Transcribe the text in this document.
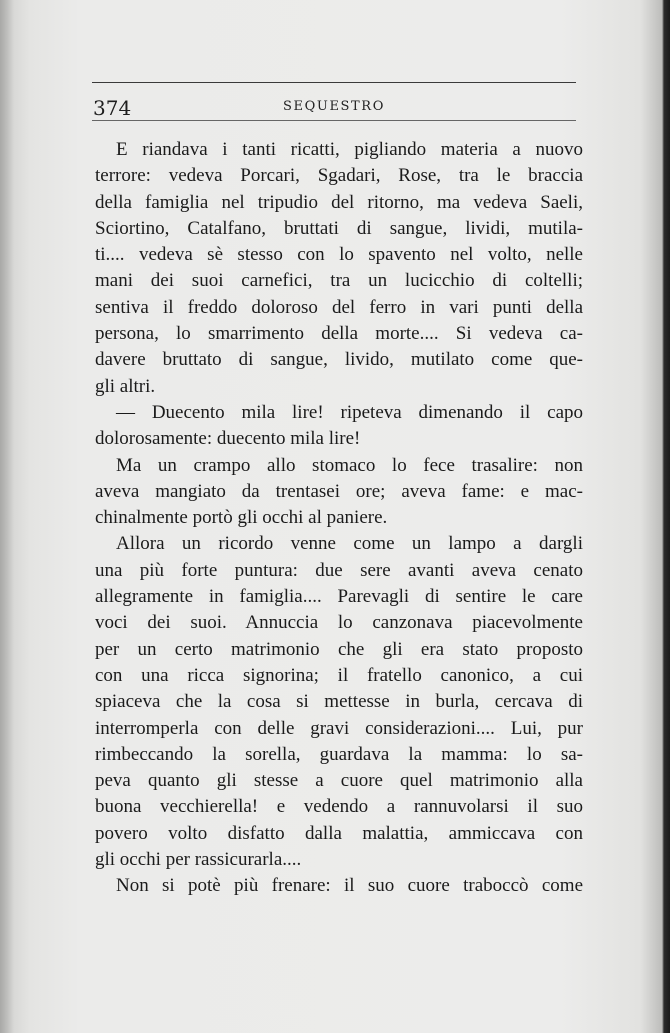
374	SEQUESTRO
E riandava i tanti ricatti, pigliando materia a nuovo
terrore: vedeva Porcari, Sgadari, Rose, tra le braccia
della famiglia nel tripudio del ritorno, ma vedeva Saeli,
Sciortino, Catalfano, bruttati di sangue, lividi, mutila-
ti.... vedeva sè stesso con lo spavento nel volto, nelle
mani dei suoi carnefici, tra un lucicchio di coltelli;
sentiva il freddo doloroso del ferro in vari punti della
persona, lo smarrimento della morte.... Si vedeva ca-
davere bruttato di sangue, livido, mutilato come que-
gli altri.
— Duecento mila lire! ripeteva dimenando il capo
dolorosamente: duecento mila lire!
Ma un crampo allo stomaco lo fece trasalire: non
aveva mangiato da trentasei ore; aveva fame: e mac-
chinalmente portò gli occhi al paniere.
Allora un ricordo venne come un lampo a dargli
una più forte puntura: due sere avanti aveva cenato
allegramente in famiglia.... Parevagli di sentire le care
voci dei suoi. Annuccia lo canzonava piacevolmente
per un certo matrimonio che gli era stato proposto
con una ricca signorina; il fratello canonico, a cui
spiaceva che la cosa si mettesse in burla, cercava di
interromperla con delle gravi considerazioni.... Lui, pur
rimbeccando la sorella, guardava la mamma: lo sa-
peva quanto gli stesse a cuore quel matrimonio alla
buona vecchierella! e vedendo a rannuvolarsi il suo
povero volto disfatto dalla malattia, ammiccava con
gli occhi per rassicurarla....
Non si potè più frenare: il suo cuore traboccò come
